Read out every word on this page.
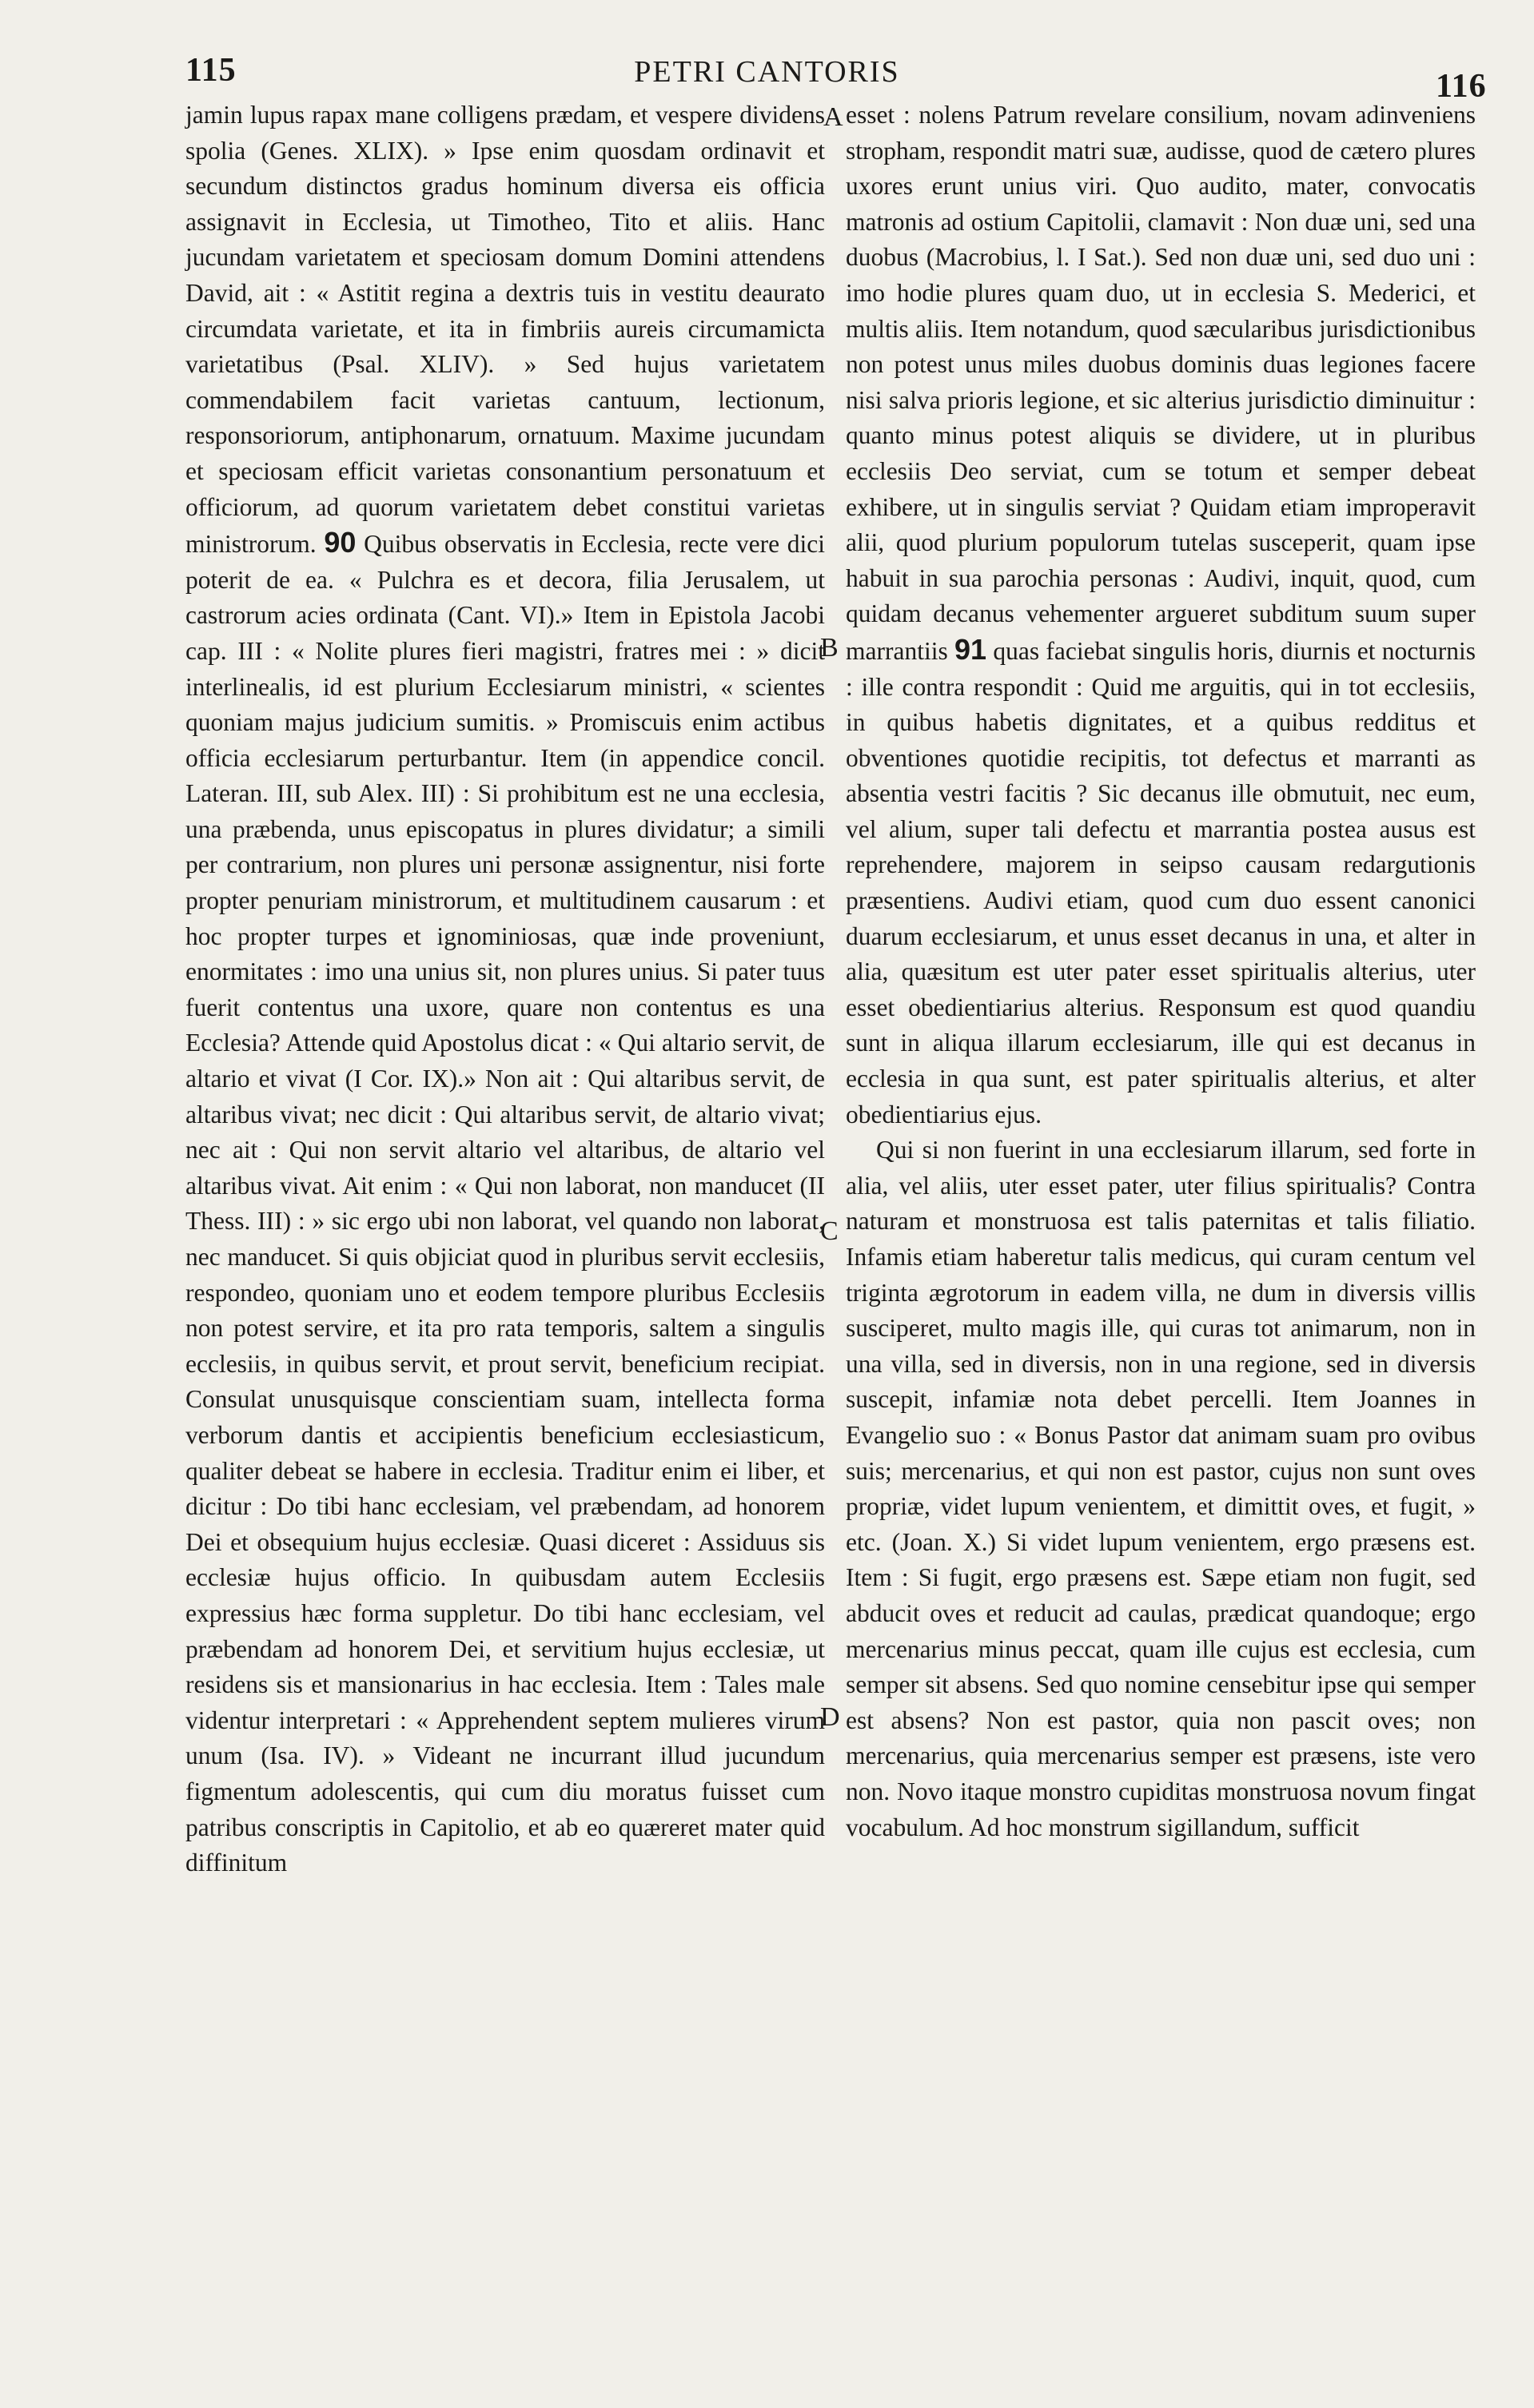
115	PETRI CANTORIS	116

jamin lupus rapax mane colligens prædam, et vespere dividens spolia (Genes. XLIX). » Ipse enim quosdam ordinavit et secundum distinctos gradus hominum diversa eis officia assignavit in Ecclesia, ut Timotheo, Tito et aliis. Hanc jucundam varietatem et speciosam domum Domini attendens David, ait : « Astitit regina a dextris tuis in vestitu deaurato circumdata varietate, et ita in fimbriis aureis circumamicta varietatibus (Psal. XLIV). » Sed hujus varietatem commendabilem facit varietas cantuum, lectionum, responsoriorum, antiphonarum, ornatuum. Maxime jucundam et speciosam efficit varietas consonantium personatuum et officiorum, ad quorum varietatem debet constitui varietas ministrorum. 90 Quibus observatis in Ecclesia, recte vere dici poterit de ea. « Pulchra es et decora, filia Jerusalem, ut castrorum acies ordinata (Cant. VI).» Item in Epistola Jacobi cap. III : « Nolite plures fieri magistri, fratres mei : » dicit interlinealis, id est plurium Ecclesiarum ministri, « scientes quoniam majus judicium sumitis. » Promiscuis enim actibus officia ecclesiarum perturbantur. Item (in appendice concil. Lateran. III, sub Alex. III) : Si prohibitum est ne una ecclesia, una præbenda, unus episcopatus in plures dividatur; a simili per contrarium, non plures uni personæ assignentur, nisi forte propter penuriam ministrorum, et multitudinem causarum : et hoc propter turpes et ignominiosas, quæ inde proveniunt, enormitates : imo una unius sit, non plures unius. Si pater tuus fuerit contentus una uxore, quare non contentus es una Ecclesia? Attende quid Apostolus dicat : « Qui altario servit, de altario et vivat (I Cor. IX).» Non ait : Qui altaribus servit, de altaribus vivat; nec dicit : Qui altaribus servit, de altario vivat; nec ait : Qui non servit altario vel altaribus, de altario vel altaribus vivat. Ait enim : « Qui non laborat, non manducet (II Thess. III) : » sic ergo ubi non laborat, vel quando non laborat, nec manducet. Si quis objiciat quod in pluribus servit ecclesiis, respondeo, quoniam uno et eodem tempore pluribus Ecclesiis non potest servire, et ita pro rata temporis, saltem a singulis ecclesiis, in quibus servit, et prout servit, beneficium recipiat. Consulat unusquisque conscientiam suam, intellecta forma verborum dantis et accipientis beneficium ecclesiasticum, qualiter debeat se habere in ecclesia. Traditur enim ei liber, et dicitur : Do tibi hanc ecclesiam, vel præbendam, ad honorem Dei et obsequium hujus ecclesiæ. Quasi diceret : Assiduus sis ecclesiæ hujus officio. In quibusdam autem Ecclesiis expressius hæc forma suppletur. Do tibi hanc ecclesiam, vel præbendam ad honorem Dei, et servitium hujus ecclesiæ, ut residens sis et mansionarius in hac ecclesia. Item : Tales male videntur interpretari : « Apprehendent septem mulieres virum unum (Isa. IV). » Videant ne incurrant illud jucundum figmentum adolescentis, qui cum diu moratus fuisset cum patribus conscriptis in Capitolio, et ab eo quæreret mater quid diffinitum

A
B
C
D

esset : nolens Patrum revelare consilium, novam adinveniens stropham, respondit matri suæ, audisse, quod de cætero plures uxores erunt unius viri. Quo audito, mater, convocatis matronis ad ostium Capitolii, clamavit : Non duæ uni, sed una duobus (Macrobius, l. I Sat.). Sed non duæ uni, sed duo uni : imo hodie plures quam duo, ut in ecclesia S. Mederici, et multis aliis. Item notandum, quod sæcularibus jurisdictionibus non potest unus miles duobus dominis duas legiones facere nisi salva prioris legione, et sic alterius jurisdictio diminuitur : quanto minus potest aliquis se dividere, ut in pluribus ecclesiis Deo serviat, cum se totum et semper debeat exhibere, ut in singulis serviat ? Quidam etiam improperavit alii, quod plurium populorum tutelas susceperit, quam ipse habuit in sua parochia personas : Audivi, inquit, quod, cum quidam decanus vehementer argueret subditum suum super marrantiis 91 quas faciebat singulis horis, diurnis et nocturnis : ille contra respondit : Quid me arguitis, qui in tot ecclesiis, in quibus habetis dignitates, et a quibus redditus et obventiones quotidie recipitis, tot defectus et marranti as absentia vestri facitis ? Sic decanus ille obmutuit, nec eum, vel alium, super tali defectu et marrantia postea ausus est reprehendere, majorem in seipso causam redargutionis præsentiens. Audivi etiam, quod cum duo essent canonici duarum ecclesiarum, et unus esset decanus in una, et alter in alia, quæsitum est uter pater esset spiritualis alterius, uter esset obedientiarius alterius. Responsum est quod quandiu sunt in aliqua illarum ecclesiarum, ille qui est decanus in ecclesia in qua sunt, est pater spiritualis alterius, et alter obedientiarius ejus.

Qui si non fuerint in una ecclesiarum illarum, sed forte in alia, vel aliis, uter esset pater, uter filius spiritualis? Contra naturam et monstruosa est talis paternitas et talis filiatio. Infamis etiam haberetur talis medicus, qui curam centum vel triginta ægrotorum in eadem villa, ne dum in diversis villis susciperet, multo magis ille, qui curas tot animarum, non in una villa, sed in diversis, non in una regione, sed in diversis suscepit, infamiæ nota debet percelli. Item Joannes in Evangelio suo : « Bonus Pastor dat animam suam pro ovibus suis; mercenarius, et qui non est pastor, cujus non sunt oves propriæ, videt lupum venientem, et dimittit oves, et fugit, » etc. (Joan. X.) Si videt lupum venientem, ergo præsens est. Item : Si fugit, ergo præsens est. Sæpe etiam non fugit, sed abducit oves et reducit ad caulas, prædicat quandoque; ergo mercenarius minus peccat, quam ille cujus est ecclesia, cum semper sit absens. Sed quo nomine censebitur ipse qui semper est absens? Non est pastor, quia non pascit oves; non mercenarius, quia mercenarius semper est præsens, iste vero non. Novo itaque monstro cupiditas monstruosa novum fingat vocabulum. Ad hoc monstrum sigillandum, sufficit
